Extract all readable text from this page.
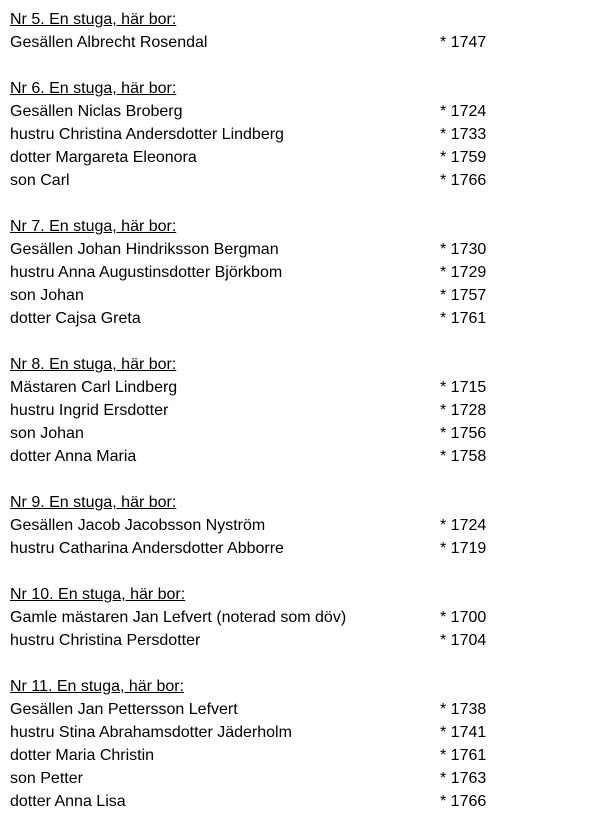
Nr 5. En stuga, här bor:
Gesällen Albrecht Rosendal	* 1747
Nr 6. En stuga, här bor:
Gesällen Niclas Broberg	* 1724
hustru Christina Andersdotter Lindberg	* 1733
dotter Margareta Eleonora	* 1759
son Carl	* 1766
Nr 7. En stuga, här bor:
Gesällen Johan Hindriksson Bergman	* 1730
hustru Anna Augustinsdotter Björkbom	* 1729
son Johan	* 1757
dotter Cajsa Greta	* 1761
Nr 8. En stuga, här bor:
Mästaren Carl Lindberg	* 1715
hustru Ingrid Ersdotter	* 1728
son Johan	* 1756
dotter Anna Maria	* 1758
Nr 9. En stuga, här bor:
Gesällen Jacob Jacobsson Nyström	* 1724
hustru Catharina Andersdotter Abborre	* 1719
Nr 10. En stuga, här bor:
Gamle mästaren Jan Lefvert (noterad som döv)	* 1700
hustru Christina Persdotter	* 1704
Nr 11. En stuga, här bor:
Gesällen Jan Pettersson Lefvert	* 1738
hustru Stina Abrahamsdotter Jäderholm	* 1741
dotter Maria Christin	* 1761
son Petter	* 1763
dotter Anna Lisa	* 1766
